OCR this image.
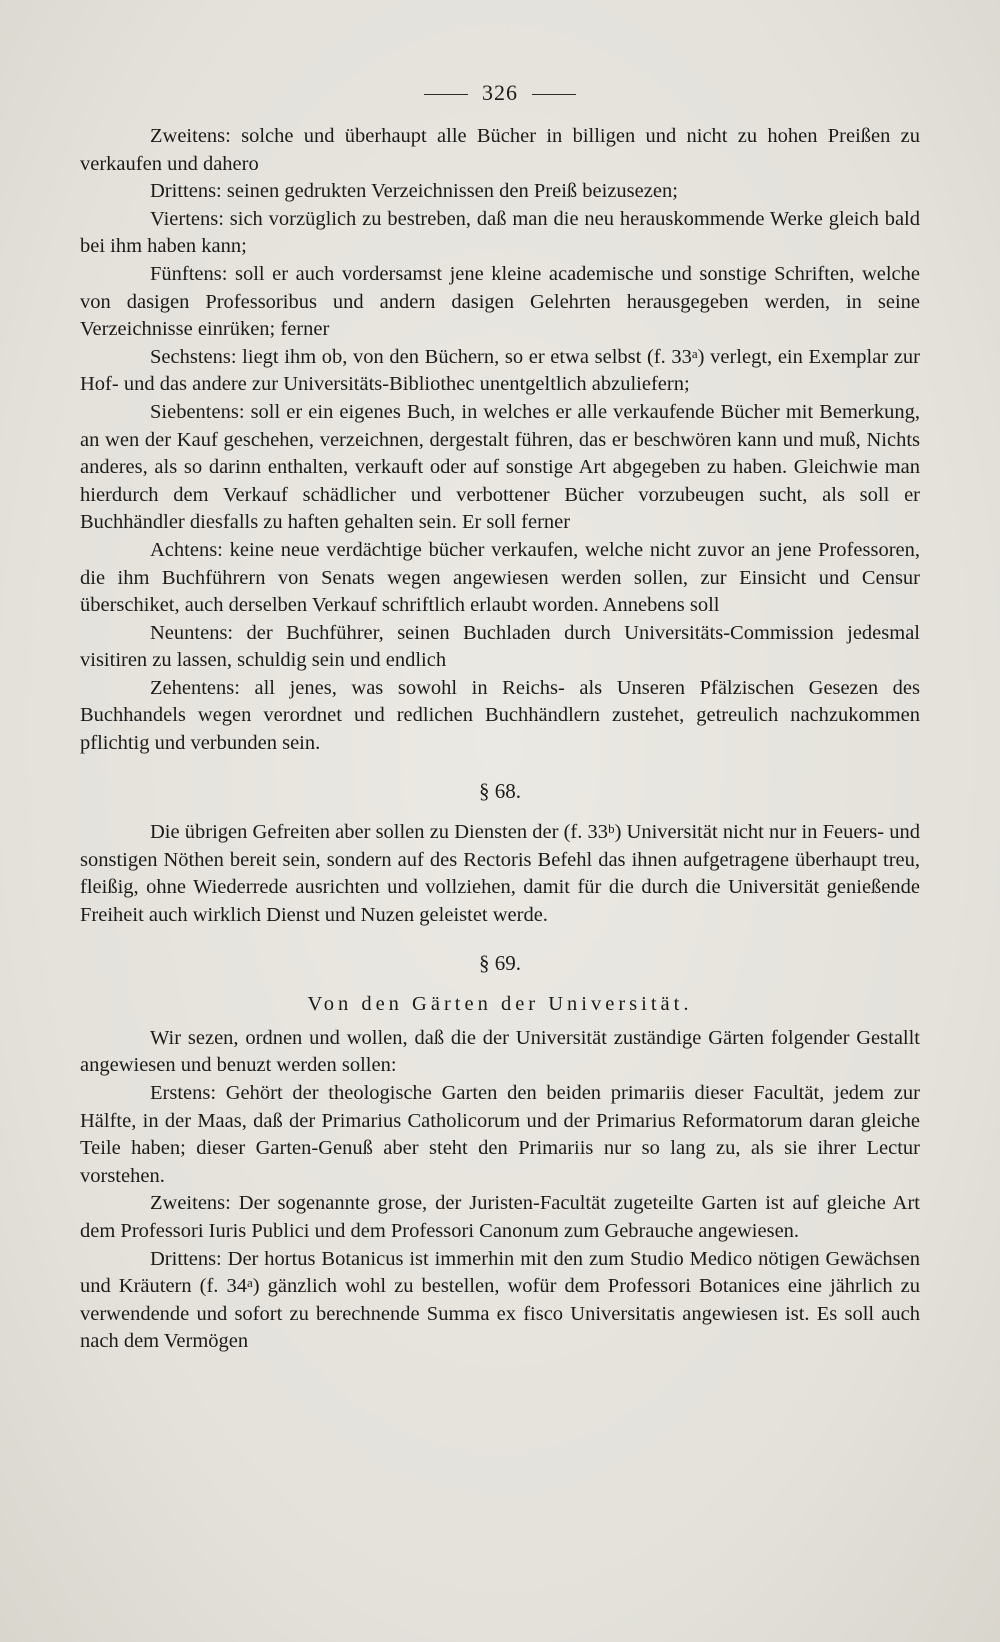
326

Zweitens: solche und überhaupt alle Bücher in billigen und nicht zu hohen Preißen zu verkaufen und dahero

Drittens: seinen gedrukten Verzeichnissen den Preiß beizusezen;

Viertens: sich vorzüglich zu bestreben, daß man die neu herauskommende Werke gleich bald bei ihm haben kann;

Fünftens: soll er auch vordersamst jene kleine academische und sonstige Schriften, welche von dasigen Professoribus und andern dasigen Gelehrten herausgegeben werden, in seine Verzeichnisse einrüken; ferner

Sechstens: liegt ihm ob, von den Büchern, so er etwa selbst (f. 33$^a$) verlegt, ein Exemplar zur Hof- und das andere zur Universitäts-Bibliothec unentgeltlich abzuliefern;

Siebentens: soll er ein eigenes Buch, in welches er alle verkaufende Bücher mit Bemerkung, an wen der Kauf geschehen, verzeichnen, dergestalt führen, das er beschwören kann und muß, Nichts anderes, als so darinn enthalten, verkauft oder auf sonstige Art abgegeben zu haben. Gleichwie man hierdurch dem Verkauf schädlicher und verbottener Bücher vorzubeugen sucht, als soll er Buchhändler diesfalls zu haften gehalten sein. Er soll ferner

Achtens: keine neue verdächtige bücher verkaufen, welche nicht zuvor an jene Professoren, die ihm Buchführern von Senats wegen angewiesen werden sollen, zur Einsicht und Censur überschiket, auch derselben Verkauf schriftlich erlaubt worden. Annebens soll

Neuntens: der Buchführer, seinen Buchladen durch Universitäts-Commission jedesmal visitiren zu lassen, schuldig sein und endlich

Zehentens: all jenes, was sowohl in Reichs- als Unseren Pfälzischen Gesezen des Buchhandels wegen verordnet und redlichen Buchhändlern zustehet, getreulich nachzukommen pflichtig und verbunden sein.

§ 68.

Die übrigen Gefreiten aber sollen zu Diensten der (f. 33$^b$) Universität nicht nur in Feuers- und sonstigen Nöthen bereit sein, sondern auf des Rectoris Befehl das ihnen aufgetragene überhaupt treu, fleißig, ohne Wiederrede ausrichten und vollziehen, damit für die durch die Universität genießende Freiheit auch wirklich Dienst und Nuzen geleistet werde.

§ 69.
Von den Gärten der Universität.

Wir sezen, ordnen und wollen, daß die der Universität zuständige Gärten folgender Gestallt angewiesen und benuzt werden sollen:

Erstens: Gehört der theologische Garten den beiden primariis dieser Facultät, jedem zur Hälfte, in der Maas, daß der Primarius Catholicorum und der Primarius Reformatorum daran gleiche Teile haben; dieser Garten-Genuß aber steht den Primariis nur so lang zu, als sie ihrer Lectur vorstehen.

Zweitens: Der sogenannte grose, der Juristen-Facultät zugeteilte Garten ist auf gleiche Art dem Professori Iuris Publici und dem Professori Canonum zum Gebrauche angewiesen.

Drittens: Der hortus Botanicus ist immerhin mit den zum Studio Medico nötigen Gewächsen und Kräutern (f. 34$^a$) gänzlich wohl zu bestellen, wofür dem Professori Botanices eine jährlich zu verwendende und sofort zu berechnende Summa ex fisco Universitatis angewiesen ist. Es soll auch nach dem Vermögen
